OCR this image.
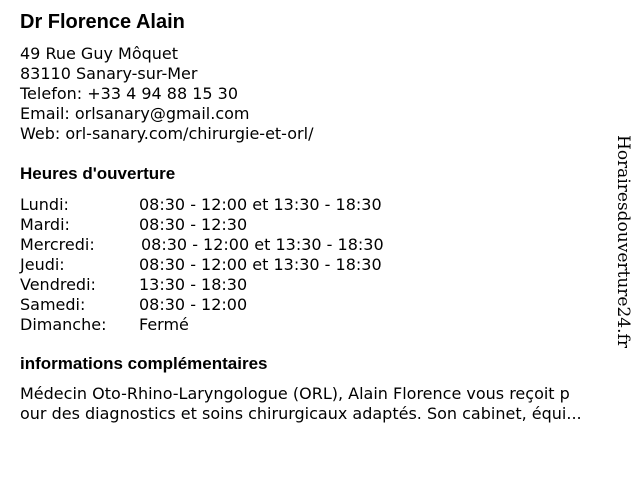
Dr Florence Alain
49 Rue Guy Môquet
83110 Sanary-sur-Mer
Telefon: +33 4 94 88 15 30
Email: orlsanary@gmail.com
Web: orl-sanary.com/chirurgie-et-orl/
Heures d'ouverture
Lundi:	08:30 - 12:00 et 13:30 - 18:30
Mardi:	08:30 - 12:30
Mercredi:	08:30 - 12:00 et 13:30 - 18:30
Jeudi:	08:30 - 12:00 et 13:30 - 18:30
Vendredi:	13:30 - 18:30
Samedi:	08:30 - 12:00
Dimanche: Fermé
informations complémentaires
Médecin Oto-Rhino-Laryngologue (ORL), Alain Florence vous reçoit p
our des diagnostics et soins chirurgicaux adaptés. Son cabinet, équi...
Horairesdouverture24.fr
